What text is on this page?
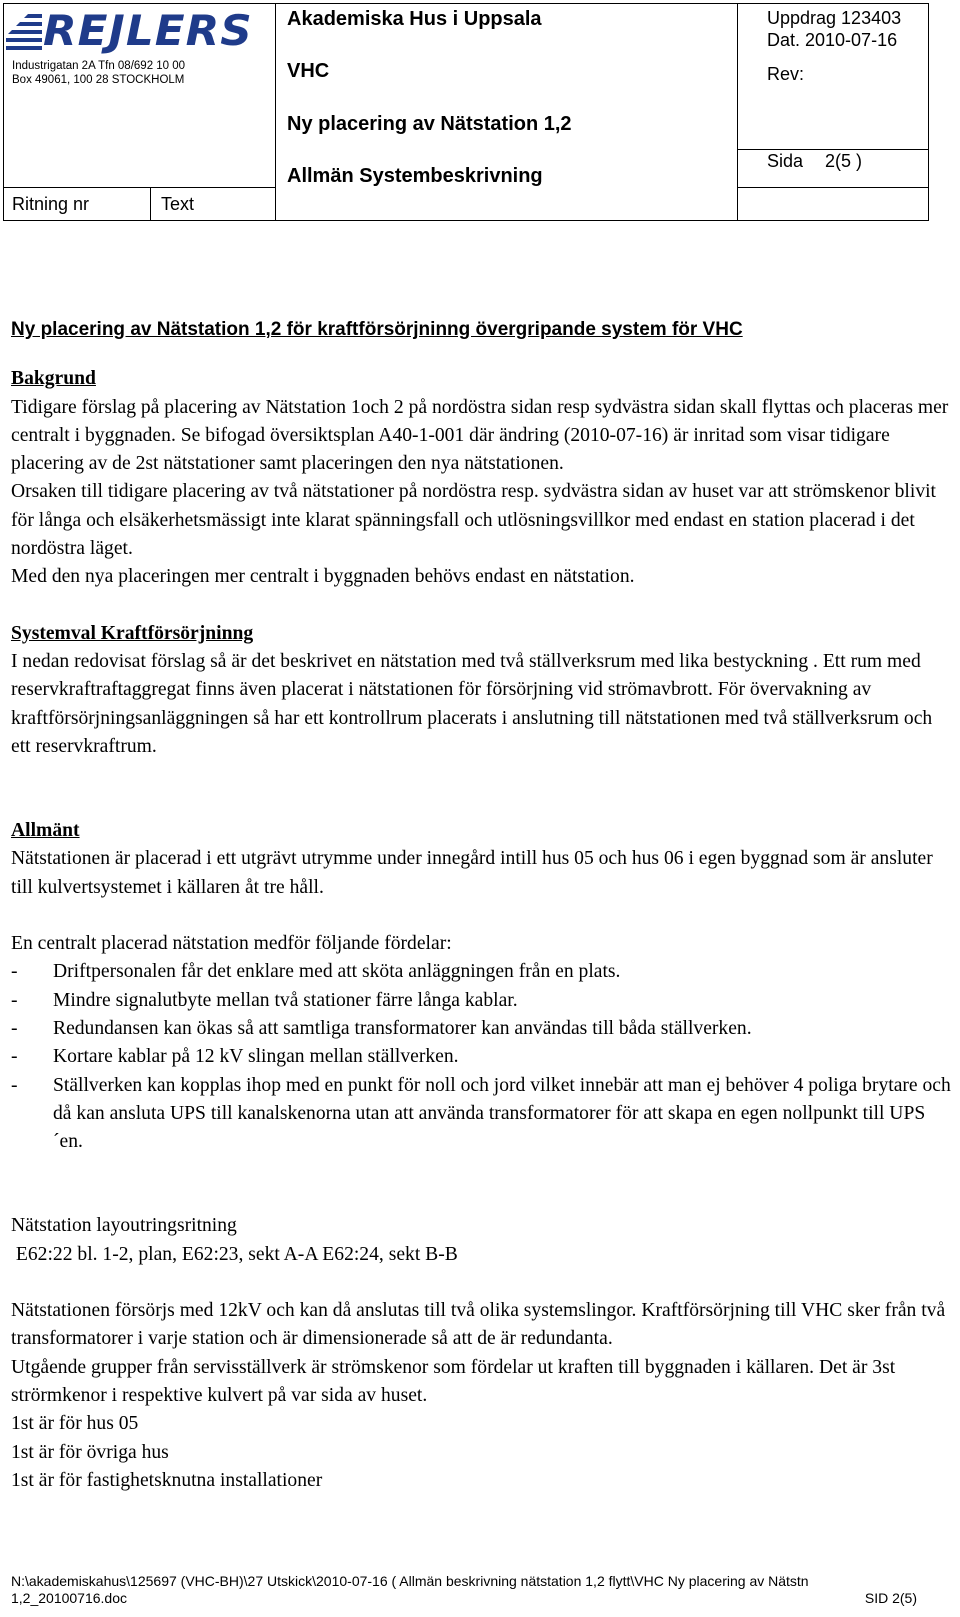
REJLERS
Industrigatan 2A Tfn 08/692 10 00
Box 49061, 100 28 STOCKHOLM
Akademiska Hus i Uppsala
VHC
Ny placering av Nätstation 1,2
Allmän Systembeskrivning
Uppdrag 123403
Dat. 2010-07-16
Rev:
Sida 2(5 )
Ritning nr	Text
Ny placering av Nätstation 1,2 för kraftförsörjninng övergripande system för VHC

Bakgrund

Tidigare förslag på placering av Nätstation 1och 2 på nordöstra sidan resp sydvästra sidan skall flyttas och placeras mer centralt i byggnaden. Se bifogad översiktsplan A40-1-001 där ändring (2010-07-16) är inritad som visar tidigare placering av de 2st nätstationer samt placeringen den nya nätstationen.

Orsaken till tidigare placering av två nätstationer på nordöstra resp. sydvästra sidan av huset var att strömskenor blivit för långa och elsäkerhetsmässigt inte klarat spänningsfall och utlösningsvillkor med endast en station placerad i det nordöstra läget.

Med den nya placeringen mer centralt i byggnaden behövs endast en nätstation.

Systemval Kraftförsörjninng

I nedan redovisat förslag så är det beskrivet en nätstation med två ställverksrum med lika bestyckning . Ett rum med reservkraftraftaggregat finns även placerat i nätstationen för försörjning vid strömavbrott. För övervakning av kraftförsörjningsanläggningen så har ett kontrollrum placerats i anslutning till nätstationen med två ställverksrum och ett reservkraftrum.

Allmänt

Nätstationen är placerad i ett utgrävt utrymme under innegård intill hus 05 och hus 06 i egen byggnad som är ansluter till kulvertsystemet i källaren åt tre håll.

En centralt placerad nätstation medför följande fördelar:

-	Driftpersonalen får det enklare med att sköta anläggningen från en plats.
-	Mindre signalutbyte mellan två stationer färre långa kablar.
-	Redundansen kan ökas så att samtliga transformatorer kan användas till båda ställverken.
-	Kortare kablar på 12 kV slingan mellan ställverken.
-	Ställverken kan kopplas ihop med en punkt för noll och jord vilket innebär att man ej behöver 4 poliga brytare och då kan ansluta UPS till kanalskenorna utan att använda transformatorer för att skapa en egen nollpunkt till UPS´en.

Nätstation layoutringsritning

E62:22 bl. 1-2, plan, E62:23, sekt A-A E62:24, sekt B-B

Nätstationen försörjs med 12kV och kan då anslutas till två olika systemslingor. Kraftförsörjning till VHC sker från två transformatorer i varje station och är dimensionerade så att de är redundanta.

Utgående grupper från servisställverk är strömskenor som fördelar ut kraften till byggnaden i källaren. Det är 3st strörmkenor i respektive kulvert på var sida av huset.

1st är för hus 05

1st är för övriga hus

1st är för fastighetsknutna installationer

N:\akademiskahus\125697 (VHC-BH)\27 Utskick\2010-07-16 ( Allmän beskrivning nätstation 1,2 flytt\VHC Ny placering av Nätstn 1,2_20100716.doc	SID 2(5)
